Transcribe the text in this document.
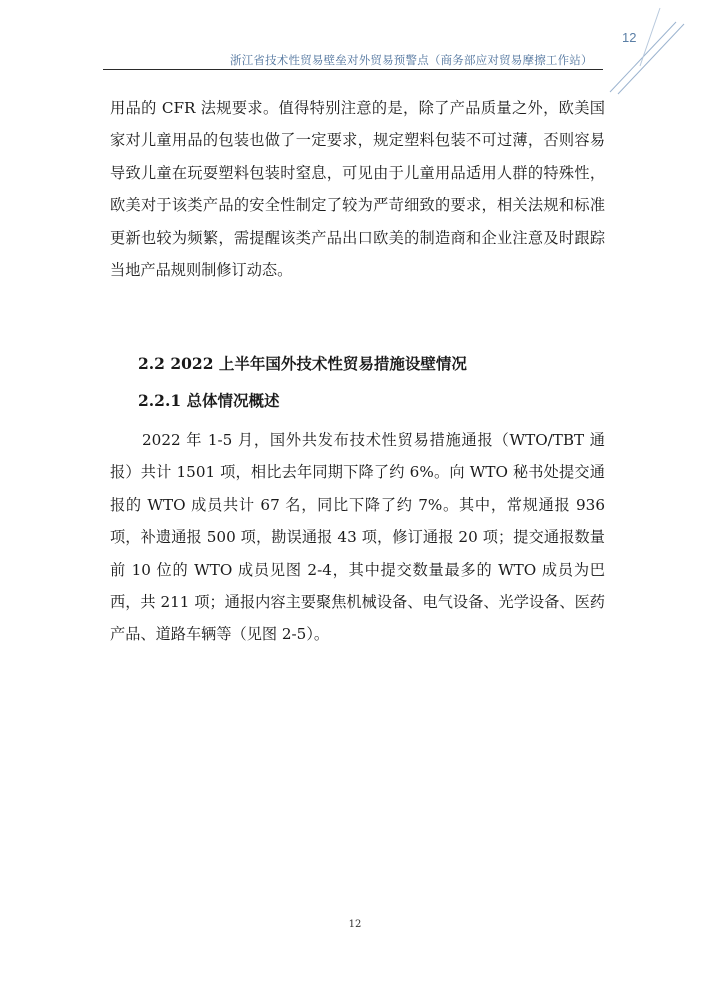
12
浙江省技术性贸易壁垒对外贸易预警点（商务部应对贸易摩擦工作站）
用品的 CFR 法规要求。值得特别注意的是，除了产品质量之外，欧美国家对儿童用品的包装也做了一定要求，规定塑料包装不可过薄，否则容易导致儿童在玩耍塑料包装时窒息，可见由于儿童用品适用人群的特殊性，欧美对于该类产品的安全性制定了较为严苛细致的要求，相关法规和标准更新也较为频繁，需提醒该类产品出口欧美的制造商和企业注意及时跟踪当地产品规则制修订动态。
2.2 2022 上半年国外技术性贸易措施设壁情况
2.2.1 总体情况概述
2022 年 1-5 月，国外共发布技术性贸易措施通报（WTO/TBT 通报）共计 1501 项，相比去年同期下降了约 6%。向 WTO 秘书处提交通报的 WTO 成员共计 67 名，同比下降了约 7%。其中，常规通报 936 项，补遗通报 500 项，勘误通报 43 项，修订通报 20 项；提交通报数量前 10 位的 WTO 成员见图 2-4，其中提交数量最多的 WTO 成员为巴西，共 211 项；通报内容主要聚焦机械设备、电气设备、光学设备、医药产品、道路车辆等（见图 2-5）。
12
